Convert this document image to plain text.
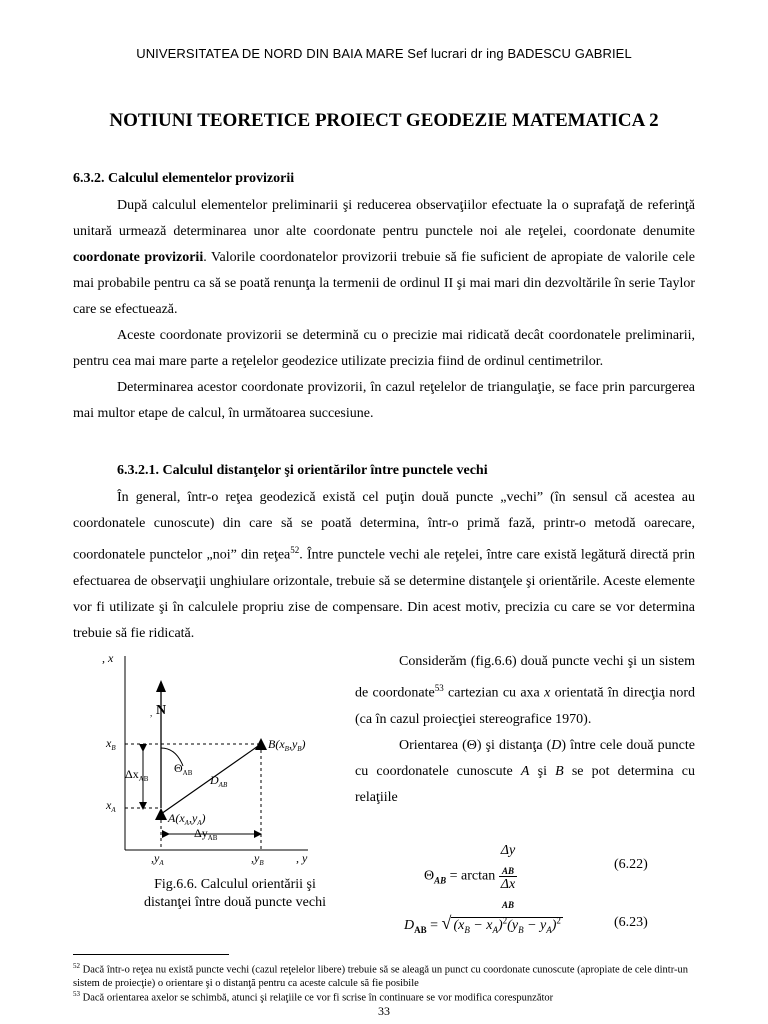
UNIVERSITATEA DE NORD DIN BAIA MARE Sef lucrari dr ing BADESCU GABRIEL
NOTIUNI TEORETICE PROIECT GEODEZIE MATEMATICA 2
6.3.2. Calculul elementelor provizorii

După calculul elementelor preliminarii şi reducerea observaţiilor efectuate la o suprafaţă de referinţă unitară urmează determinarea unor alte coordonate pentru punctele noi ale reţelei, coordonate denumite coordonate provizorii. Valorile coordonatelor provizorii trebuie să fie suficient de apropiate de valorile cele mai probabile pentru ca să se poată renunţa la termenii de ordinul II şi mai mari din dezvoltările în serie Taylor care se efectuează.

Aceste coordonate provizorii se determină cu o precizie mai ridicată decât coordonatele preliminarii, pentru cea mai mare parte a reţelelor geodezice utilizate precizia fiind de ordinul centimetrilor.

Determinarea acestor coordonate provizorii, în cazul reţelelor de triangulaţie, se face prin parcurgerea mai multor etape de calcul, în următoarea succesiune.

6.3.2.1. Calculul distanţelor şi orientărilor între punctele vechi

În general, într-o reţea geodezică există cel puţin două puncte „vechi” (în sensul că acestea au coordonatele cunoscute) din care să se poată determina, într-o primă fază, printr-o metodă oarecare, coordonatele punctelor „noi” din reţea$^{52}$. Între punctele vechi ale reţelei, între care există legătură directă prin efectuarea de observaţii unghiulare orizontale, trebuie să se determine distanţele şi orientările. Aceste elemente vor fi utilizate şi în calculele propriu zise de compensare. Din acest motiv, precizia cu care se vor determina trebuie să fie ridicată.

, x
, y
N
,
$\Theta_{AB}$
$\Delta x_{AB}$
$\Delta y_{AB}$
$D_{AB}$
$x_B$
$x_A$
$,y_A$	$,y_B$
$B(x_B,y_B)$
$A(x_A,y_A)$
Fig.6.6. Calculul orientării şi
distanţei între două puncte vechi

Considerăm (fig.6.6) două puncte vechi şi un sistem de coordonate$^{53}$ cartezian cu axa x orientată în direcţia nord (ca în cazul proiecţiei stereografice 1970).

Orientarea (Θ) şi distanţa (D) între cele două puncte cu coordonatele cunoscute A şi B se pot determina cu relaţiile

$\Theta_{AB} = \arctan \Delta y$
$_{AB}$
Δx
$_{AB}$	(6.22)
$D_{AB}$ = √ $(x_B - x_A)^2(y_B - y_A)^2$	(6.23)
$^{52}$ Dacă într-o reţea nu există puncte vechi (cazul reţelelor libere) trebuie să se aleagă un punct cu coordonate cunoscute (apropiate de cele dintr-un sistem de proiecţie) o orientare şi o distanţă pentru ca aceste calcule să fie posibile
$^{53}$ Dacă orientarea axelor se schimbă, atunci şi relaţiile ce vor fi scrise în continuare se vor modifica corespunzător
33
